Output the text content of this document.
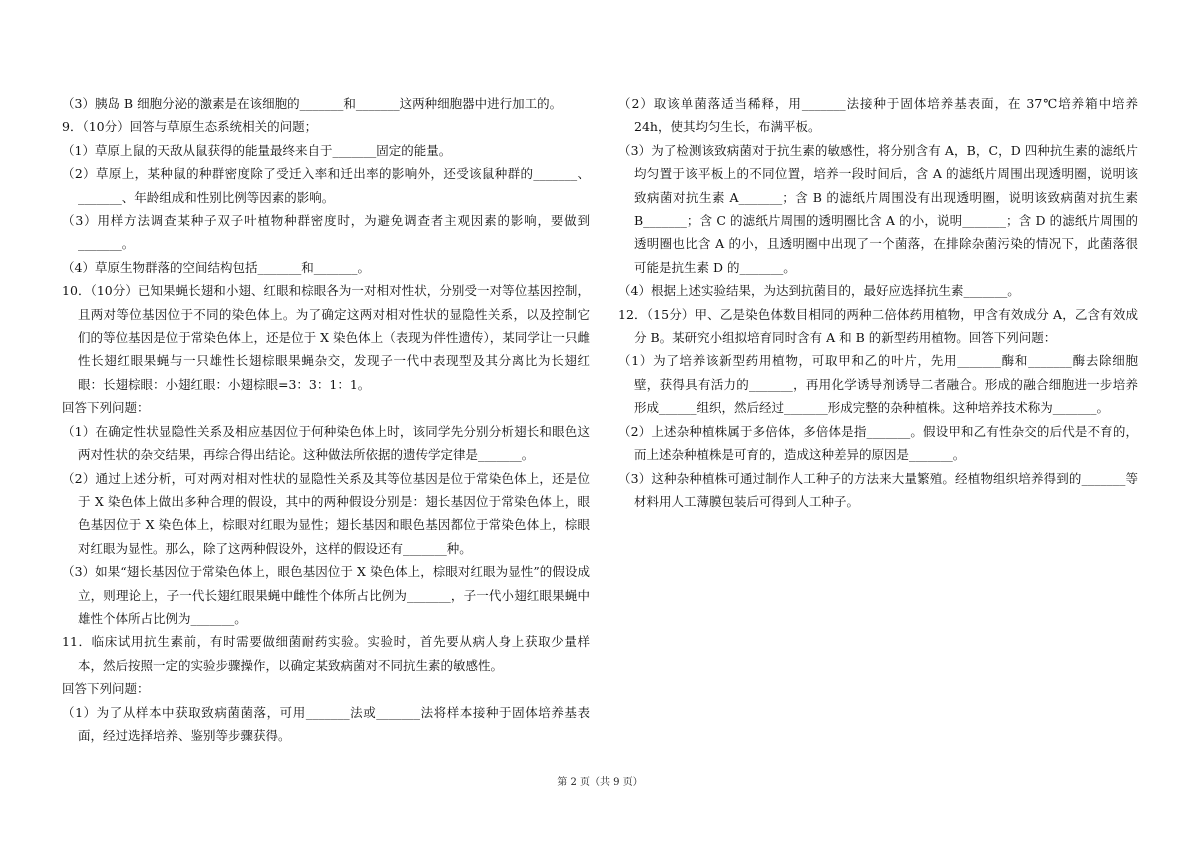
（3）胰岛 B 细胞分泌的激素是在该细胞的_______和_______这两种细胞器中进行加工的。

9．（10分）回答与草原生态系统相关的问题；

（1）草原上鼠的天敌从鼠获得的能量最终来自于_______固定的能量。

（2）草原上，某种鼠的种群密度除了受迁入率和迁出率的影响外，还受该鼠种群的_______、_______、年龄组成和性别比例等因素的影响。

（3）用样方法调查某种子双子叶植物种群密度时，为避免调查者主观因素的影响，要做到_______。

（4）草原生物群落的空间结构包括_______和_______。

10．（10分）已知果蝇长翅和小翅、红眼和棕眼各为一对相对性状，分别受一对等位基因控制，且两对等位基因位于不同的染色体上。为了确定这两对相对性状的显隐性关系，以及控制它们的等位基因是位于常染色体上，还是位于 X 染色体上（表现为伴性遗传），某同学让一只雌性长翅红眼果蝇与一只雄性长翅棕眼果蝇杂交，发现子一代中表现型及其分离比为长翅红眼：长翅棕眼：小翅红眼：小翅棕眼=3：3：1：1。

回答下列问题：

（1）在确定性状显隐性关系及相应基因位于何种染色体上时，该同学先分别分析翅长和眼色这两对性状的杂交结果，再综合得出结论。这种做法所依据的遗传学定律是_______。

（2）通过上述分析，可对两对相对性状的显隐性关系及其等位基因是位于常染色体上，还是位于 X 染色体上做出多种合理的假设，其中的两种假设分别是：翅长基因位于常染色体上，眼色基因位于 X 染色体上，棕眼对红眼为显性；翅长基因和眼色基因都位于常染色体上，棕眼对红眼为显性。那么，除了这两种假设外，这样的假设还有_______种。

（3）如果“翅长基因位于常染色体上，眼色基因位于 X 染色体上，棕眼对红眼为显性”的假设成立，则理论上，子一代长翅红眼果蝇中雌性个体所占比例为_______，子一代小翅红眼果蝇中雄性个体所占比例为_______。

11．临床试用抗生素前，有时需要做细菌耐药实验。实验时，首先要从病人身上获取少量样本，然后按照一定的实验步骤操作，以确定某致病菌对不同抗生素的敏感性。

回答下列问题：

（1）为了从样本中获取致病菌菌落，可用_______法或_______法将样本接种于固体培养基表面，经过选择培养、鉴别等步骤获得。

（2）取该单菌落适当稀释，用_______法接种于固体培养基表面，在 37℃培养箱中培养 24h，使其均匀生长，布满平板。

（3）为了检测该致病菌对于抗生素的敏感性，将分别含有 A，B，C，D 四种抗生素的滤纸片均匀置于该平板上的不同位置，培养一段时间后，含 A 的滤纸片周围出现透明圈，说明该致病菌对抗生素 A_______；含 B 的滤纸片周围没有出现透明圈，说明该致病菌对抗生素 B_______；含 C 的滤纸片周围的透明圈比含 A 的小，说明_______；含 D 的滤纸片周围的透明圈也比含 A 的小，且透明圈中出现了一个菌落，在排除杂菌污染的情况下，此菌落很可能是抗生素 D 的_______。

（4）根据上述实验结果，为达到抗菌目的，最好应选择抗生素_______。

12．（15分）甲、乙是染色体数目相同的两种二倍体药用植物，甲含有效成分 A，乙含有效成分 B。某研究小组拟培育同时含有 A 和 B 的新型药用植物。回答下列问题：

（1）为了培养该新型药用植物，可取甲和乙的叶片，先用_______酶和_______酶去除细胞壁，获得具有活力的_______，再用化学诱导剂诱导二者融合。形成的融合细胞进一步培养形成______组织，然后经过_______形成完整的杂种植株。这种培养技术称为_______。

（2）上述杂种植株属于多倍体，多倍体是指_______。假设甲和乙有性杂交的后代是不育的，而上述杂种植株是可育的，造成这种差异的原因是_______。

（3）这种杂种植株可通过制作人工种子的方法来大量繁殖。经植物组织培养得到的_______等材料用人工薄膜包装后可得到人工种子。

第 2 页（共 9 页）
